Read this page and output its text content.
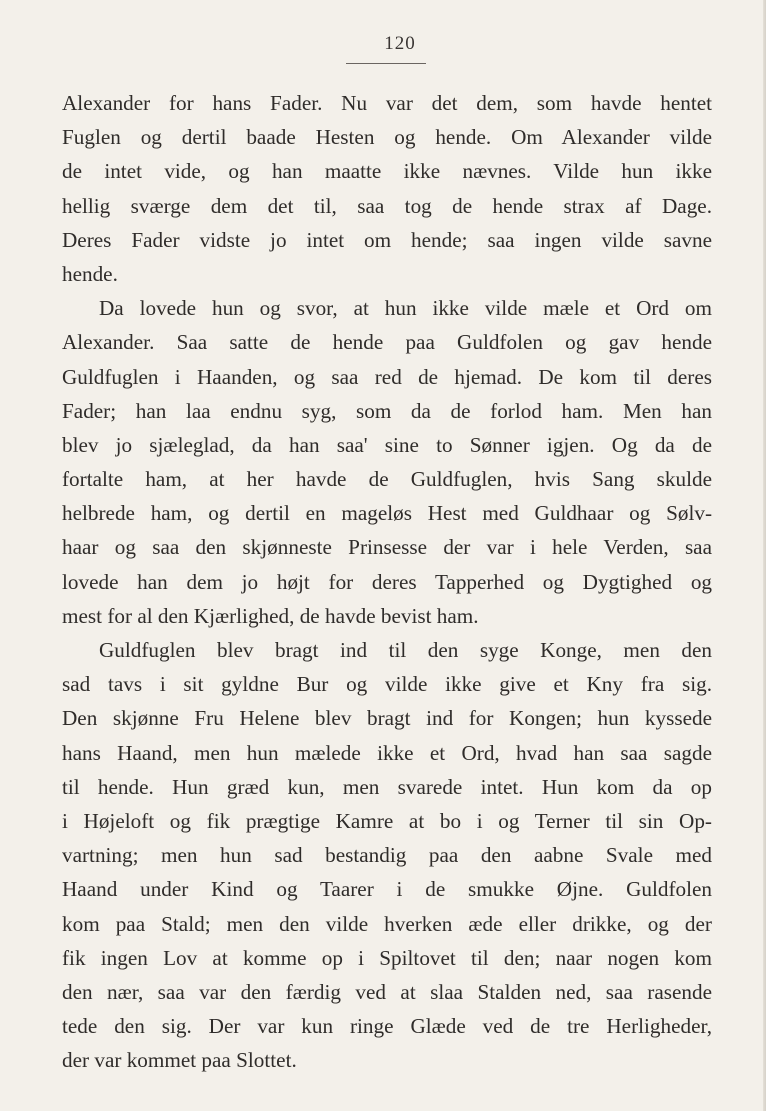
120
Alexander for hans Fader. Nu var det dem, som havde hentet
Fuglen og dertil baade Hesten og hende. Om Alexander vilde
de intet vide, og han maatte ikke nævnes. Vilde hun ikke
hellig sværge dem det til, saa tog de hende strax af Dage.
Deres Fader vidste jo intet om hende; saa ingen vilde savne
hende.
Da lovede hun og svor, at hun ikke vilde mæle et Ord om
Alexander. Saa satte de hende paa Guldfolen og gav hende
Guldfuglen i Haanden, og saa red de hjemad. De kom til deres
Fader; han laa endnu syg, som da de forlod ham. Men han
blev jo sjæleglad, da han saa' sine to Sønner igjen. Og da de
fortalte ham, at her havde de Guldfuglen, hvis Sang skulde
helbrede ham, og dertil en mageløs Hest med Guldhaar og Sølv-
haar og saa den skjønneste Prinsesse der var i hele Verden, saa
lovede han dem jo højt for deres Tapperhed og Dygtighed og
mest for al den Kjærlighed, de havde bevist ham.
Guldfuglen blev bragt ind til den syge Konge, men den
sad tavs i sit gyldne Bur og vilde ikke give et Kny fra sig.
Den skjønne Fru Helene blev bragt ind for Kongen; hun kyssede
hans Haand, men hun mælede ikke et Ord, hvad han saa sagde
til hende. Hun græd kun, men svarede intet. Hun kom da op
i Højeloft og fik prægtige Kamre at bo i og Terner til sin Op-
vartning; men hun sad bestandig paa den aabne Svale med
Haand under Kind og Taarer i de smukke Øjne. Guldfolen
kom paa Stald; men den vilde hverken æde eller drikke, og der
fik ingen Lov at komme op i Spiltovet til den; naar nogen kom
den nær, saa var den færdig ved at slaa Stalden ned, saa rasende
tede den sig. Der var kun ringe Glæde ved de tre Herligheder,
der var kommet paa Slottet.
